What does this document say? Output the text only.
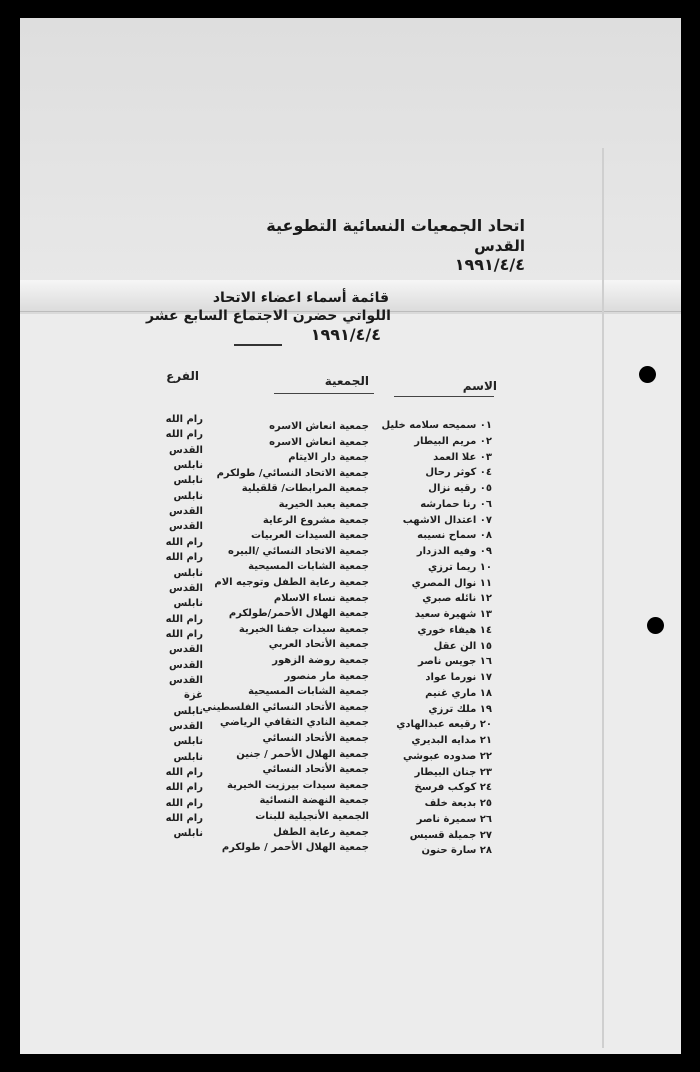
اتحاد الجمعيات النسائية التطوعية
القدس
١٩٩١/٤/٤
قائمة أسماء اعضاء الاتحاد
اللواتي حضرن الاجتماع السابع عشر
١٩٩١/٤/٤
الاسم
الجمعية
الفرع
٠١ سميحه سلامه خليل
جمعية انعاش الاسره
رام الله
٠٢ مريم البيطار
جمعية انعاش الاسره
رام الله
٠٣ علا العمد
جمعية دار الايتام
القدس
٠٤ كوثر رحال
جمعية الاتحاد النسائي/ طولكرم
نابلس
٠٥ رقيه نزال
جمعية المرابطات/ قلقيلية
نابلس
٠٦ رنا حمارشه
جمعية يعبد الخيرية
نابلس
٠٧ اعتدال الاشهب
جمعية مشروع الرعاية
القدس
٠٨ سماح نسيبه
جمعية السيدات العربيات
القدس
٠٩ وفيه الدزدار
جمعية الاتحاد النسائي /البيره
رام الله
١٠ ريما ترزي
جمعية الشابات المسيحية
رام الله
١١ نوال المصري
جمعية رعاية الطفل وتوجيه الام
نابلس
١٢ نائله صبري
جمعية نساء الاسلام
القدس
١٣ شهيرة سعيد
جمعية الهلال الأحمر/طولكرم
نابلس
١٤ هيفاء خوري
جمعية سيدات جفنا الخيرية
رام الله
١٥ الن عقل
جمعية الأتحاد العربي
رام الله
١٦ جويس ناصر
جمعية روضة الزهور
القدس
١٧ نورما عواد
جمعية مار منصور
القدس
١٨ ماري غنيم
جمعية الشابات المسيحية
القدس
١٩ ملك ترزي
جمعية الأتحاد النسائي الفلسطيني
غزة
٢٠ رقيعه عبدالهادي
جمعية النادي الثقافي الرياضي
نابلس
٢١ مدايه البديري
جمعية الأتحاد النسائي
القدس
٢٢ صدوده عبوشي
جمعية الهلال الأحمر / جنين
نابلس
٢٣ جنان البيطار
جمعية الأتحاد النسائي
نابلس
٢٤ كوكب فرسخ
جمعية سيدات بيرزيت الخيرية
رام الله
٢٥ بديعة خلف
جمعية النهضة النسائية
رام الله
٢٦ سميرة ناصر
الجمعية الأنجيلية للبنات
رام الله
٢٧ جميلة قسيس
جمعية رعاية الطفل
رام الله
٢٨ سارة حنون
جمعية الهلال الأحمر / طولكرم
نابلس
